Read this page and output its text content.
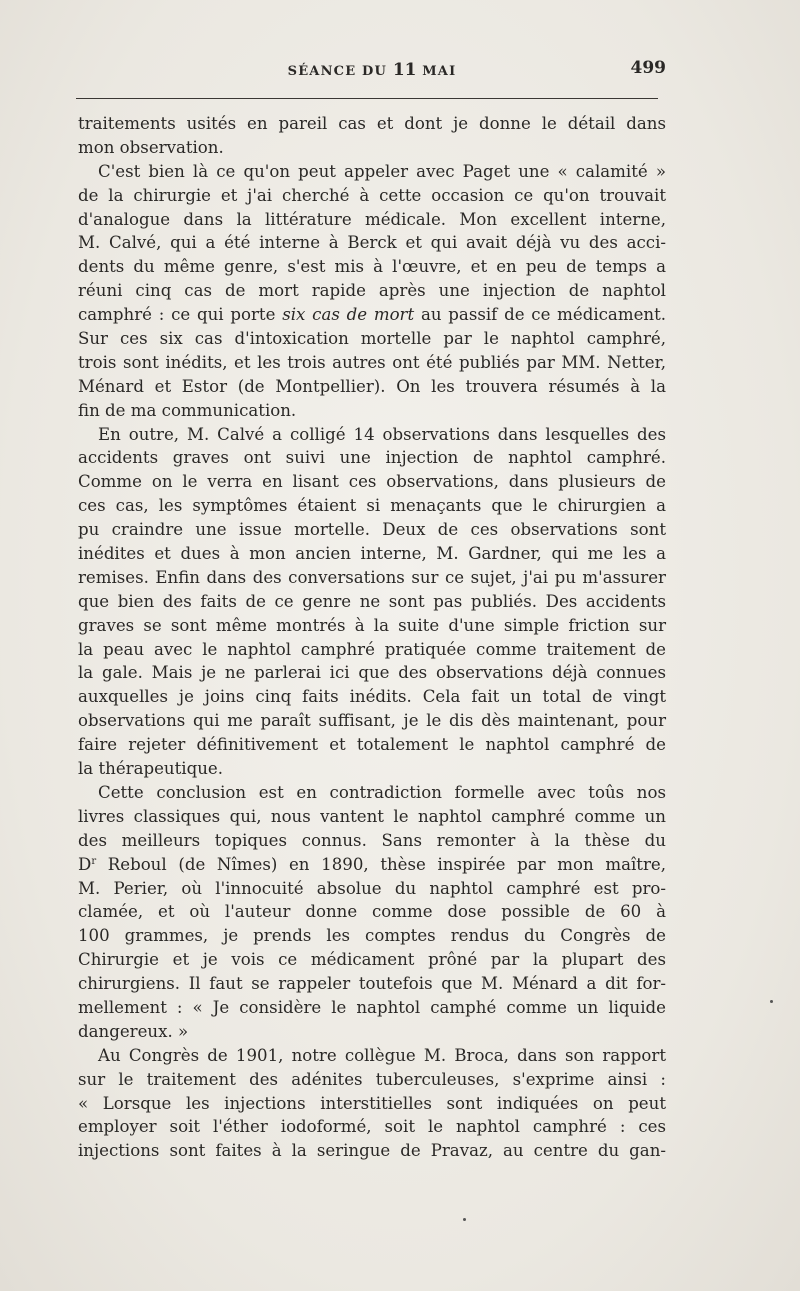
SÉANCE DU 11 MAI	499
traitements usités en pareil cas et dont je donne le détail dans
mon observation.
C'est bien là ce qu'on peut appeler avec Paget une « calamité »
de la chirurgie et j'ai cherché à cette occasion ce qu'on trouvait
d'analogue dans la littérature médicale. Mon excellent interne,
M. Calvé, qui a été interne à Berck et qui avait déjà vu des acci-
dents du même genre, s'est mis à l'œuvre, et en peu de temps a
réuni cinq cas de mort rapide après une injection de naphtol
camphré : ce qui porte six cas de mort au passif de ce médicament.
Sur ces six cas d'intoxication mortelle par le naphtol camphré,
trois sont inédits, et les trois autres ont été publiés par MM. Netter,
Ménard et Estor (de Montpellier). On les trouvera résumés à la
fin de ma communication.
En outre, M. Calvé a colligé 14 observations dans lesquelles des
accidents graves ont suivi une injection de naphtol camphré.
Comme on le verra en lisant ces observations, dans plusieurs de
ces cas, les symptômes étaient si menaçants que le chirurgien a
pu craindre une issue mortelle. Deux de ces observations sont
inédites et dues à mon ancien interne, M. Gardner, qui me les a
remises. Enfin dans des conversations sur ce sujet, j'ai pu m'assurer
que bien des faits de ce genre ne sont pas publiés. Des accidents
graves se sont même montrés à la suite d'une simple friction sur
la peau avec le naphtol camphré pratiquée comme traitement de
la gale. Mais je ne parlerai ici que des observations déjà connues
auxquelles je joins cinq faits inédits. Cela fait un total de vingt
observations qui me paraît suffisant, je le dis dès maintenant, pour
faire rejeter définitivement et totalement le naphtol camphré de
la thérapeutique.
Cette conclusion est en contradiction formelle avec toûs nos
livres classiques qui, nous vantent le naphtol camphré comme un
des meilleurs topiques connus. Sans remonter à la thèse du
$D^r$ Reboul (de Nîmes) en 1890, thèse inspirée par mon maître,
M. Perier, où l'innocuité absolue du naphtol camphré est pro-
clamée, et où l'auteur donne comme dose possible de 60 à
100 grammes, je prends les comptes rendus du Congrès de
Chirurgie et je vois ce médicament prôné par la plupart des
chirurgiens. Il faut se rappeler toutefois que M. Ménard a dit for-
mellement : « Je considère le naphtol camphé comme un liquide
dangereux. »
Au Congrès de 1901, notre collègue M. Broca, dans son rapport
sur le traitement des adénites tuberculeuses, s'exprime ainsi :
« Lorsque les injections interstitielles sont indiquées on peut
employer soit l'éther iodoformé, soit le naphtol camphré : ces
injections sont faites à la seringue de Pravaz, au centre du gan-
